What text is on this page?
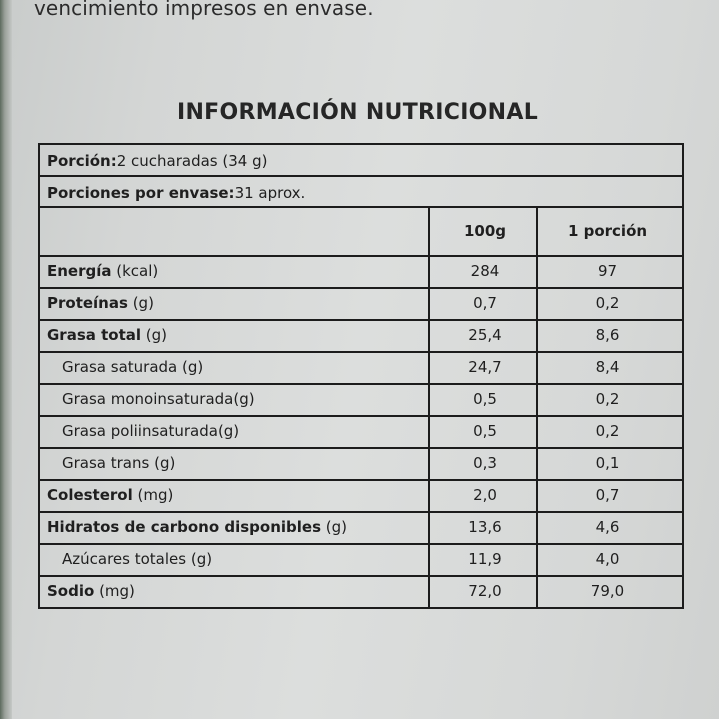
vencimiento impresos en envase.
INFORMACIÓN NUTRICIONAL
Porción: 2 cucharadas (34 g)
Porciones por envase: 31 aprox.
100g	1 porción
Energía (kcal)	284	97
Proteínas (g)	0,7	0,2
Grasa total (g)	25,4	8,6
Grasa saturada (g)	24,7	8,4
Grasa monoinsaturada(g)	0,5	0,2
Grasa poliinsaturada(g)	0,5	0,2
Grasa trans (g)	0,3	0,1
Colesterol (mg)	2,0	0,7
Hidratos de carbono disponibles (g)	13,6	4,6
Azúcares totales (g)	11,9	4,0
Sodio (mg)	72,0	79,0
